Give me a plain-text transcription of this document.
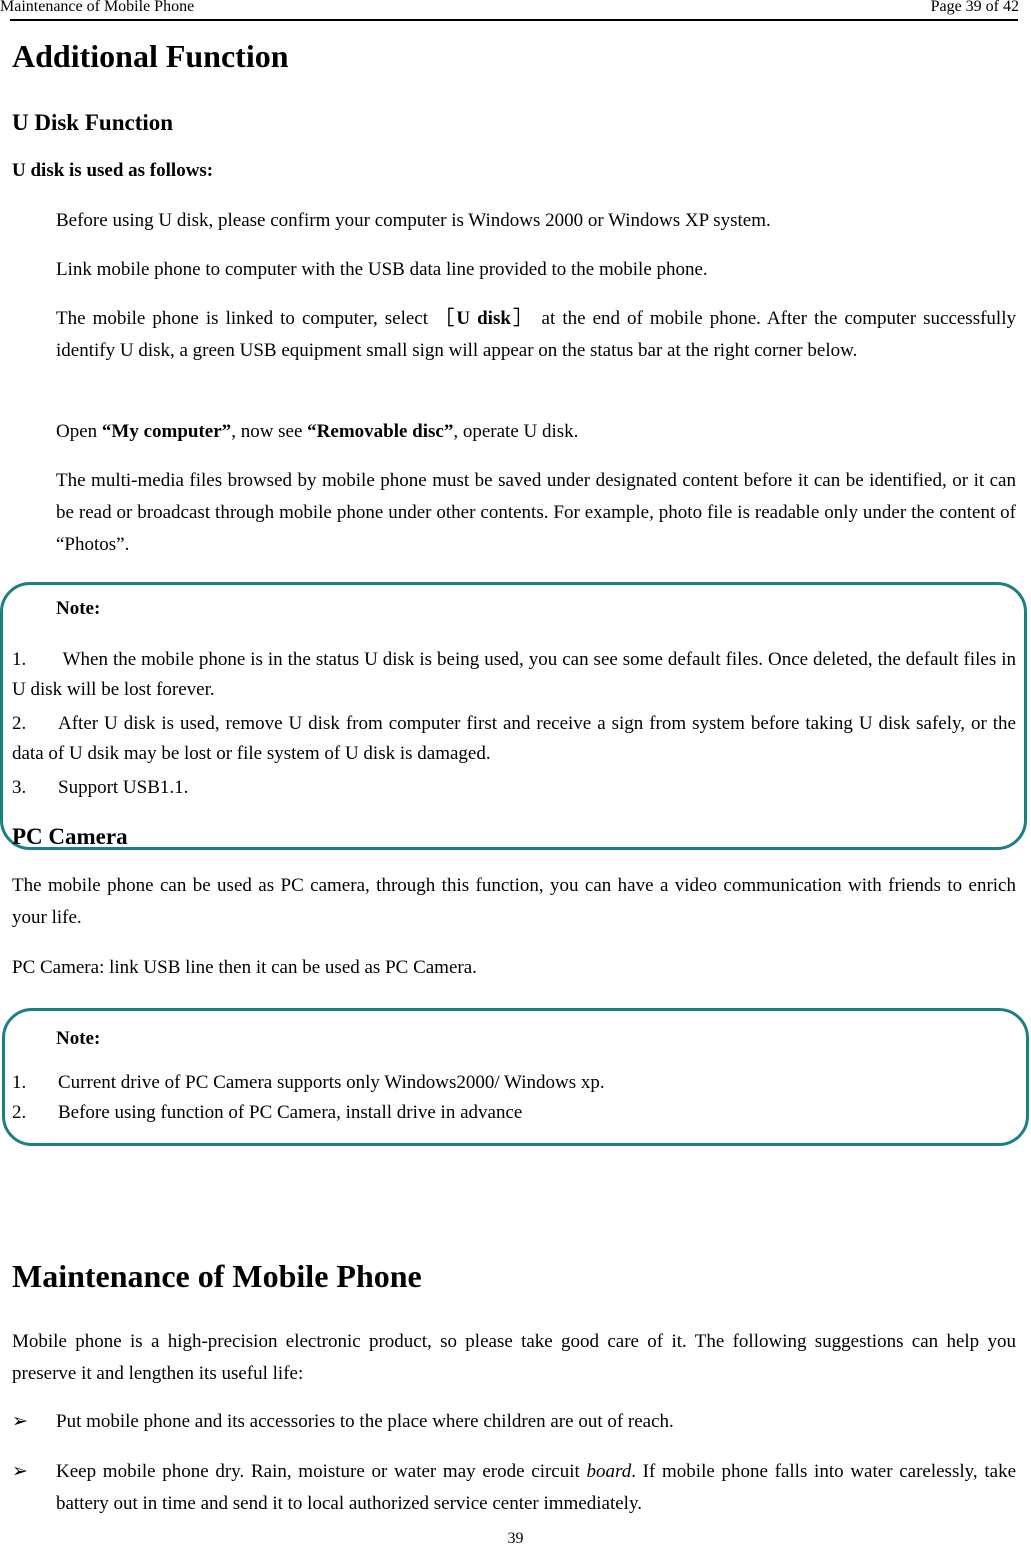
Maintenance of Mobile Phone	Page 39 of 42
Additional Function
U Disk Function
U disk is used as follows:
Before using U disk, please confirm your computer is Windows 2000 or Windows XP system.
Link mobile phone to computer with the USB data line provided to the mobile phone.
The mobile phone is linked to computer, select ［U disk］ at the end of mobile phone. After the computer successfully identify U disk, a green USB equipment small sign will appear on the status bar at the right corner below.
Open “My computer”, now see “Removable disc”, operate U disk.
The multi-media files browsed by mobile phone must be saved under designated content before it can be identified, or it can be read or broadcast through mobile phone under other contents. For example, photo file is readable only under the content of “Photos”.
Note:
1. When the mobile phone is in the status U disk is being used, you can see some default files. Once deleted, the default files in U disk will be lost forever.
2. After U disk is used, remove U disk from computer first and receive a sign from system before taking U disk safely, or the data of U dsik may be lost or file system of U disk is damaged.
3. Support USB1.1.
PC Camera
The mobile phone can be used as PC camera, through this function, you can have a video communication with friends to enrich your life.
PC Camera: link USB line then it can be used as PC Camera.
Note:
1. Current drive of PC Camera supports only Windows2000/ Windows xp.
2. Before using function of PC Camera, install drive in advance
Maintenance of Mobile Phone
Mobile phone is a high-precision electronic product, so please take good care of it. The following suggestions can help you preserve it and lengthen its useful life:
➢	Put mobile phone and its accessories to the place where children are out of reach.
➢	Keep mobile phone dry. Rain, moisture or water may erode circuit board. If mobile phone falls into water carelessly, take battery out in time and send it to local authorized service center immediately.
39
